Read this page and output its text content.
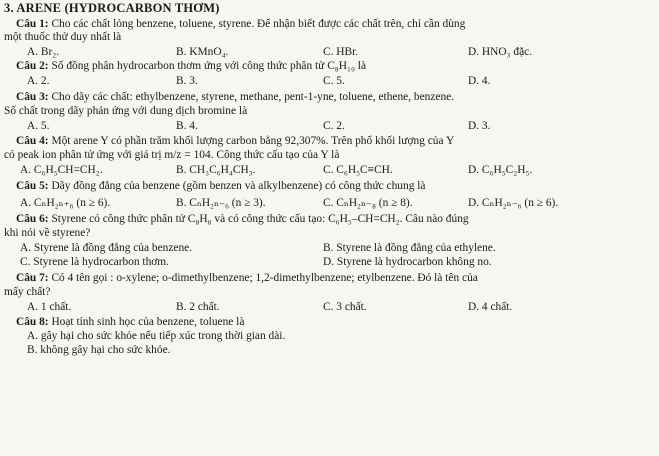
3. ARENE (HYDROCARBON THƠM)
Câu 1: Cho các chất lỏng benzene, toluene, styrene. Để nhận biết được các chất trên, chỉ cần dùng
một thuốc thử duy nhất là
A. Br₂.	B. KMnO₄.	C. HBr.	D. HNO₃ đặc.
Câu 2: Số đồng phân hydrocarbon thơm ứng với công thức phân tử C₈H₁₀ là
A. 2.	B. 3.	C. 5.	D. 4.
Câu 3: Cho dãy các chất: ethylbenzene, styrene, methane, pent-1-yne, toluene, ethene, benzene.
Số chất trong dãy phản ứng với dung dịch bromine là
A. 5.	B. 4.	C. 2.	D. 3.
Câu 4: Một arene Y có phần trăm khối lượng carbon bằng 92,307%. Trên phổ khối lượng của Y
có peak ion phân tử ứng với giá trị m/z = 104. Công thức cấu tạo của Y là
A. C₆H₅CH=CH₂.	B. CH₃C₆H₄CH₃.	C. C₆H₅C≡CH.	D. C₆H₅C₂H₅.
Câu 5: Dãy đồng đẳng của benzene (gồm benzen và alkylbenzene) có công thức chung là
A. CₙH₂ₙ₊₆ (n ≥ 6).	B. CₙH₂ₙ₋₆ (n ≥ 3).	C. CₙH₂ₙ₋₈ (n ≥ 8).	D. CₙH₂ₙ₋₆ (n ≥ 6).
Câu 6: Styrene có công thức phân tử C₈H₈ và có công thức cấu tạo: C₆H₅–CH=CH₂. Câu nào đúng
khi nói về styrene?
A. Styrene là đồng đẳng của benzene.	B. Styrene là đồng đẳng của ethylene.
C. Styrene là hydrocarbon thơm.	D. Styrene là hydrocarbon không no.
Câu 7: Có 4 tên gọi : o-xylene; o-dimethylbenzene; 1,2-dimethylbenzene; etylbenzene. Đó là tên của
mấy chất?
A. 1 chất.	B. 2 chất.	C. 3 chất.	D. 4 chất.
Câu 8: Hoạt tính sinh học của benzene, toluene là
A. gây hại cho sức khỏe nếu tiếp xúc trong thời gian dài.
B. không gây hại cho sức khỏe.
